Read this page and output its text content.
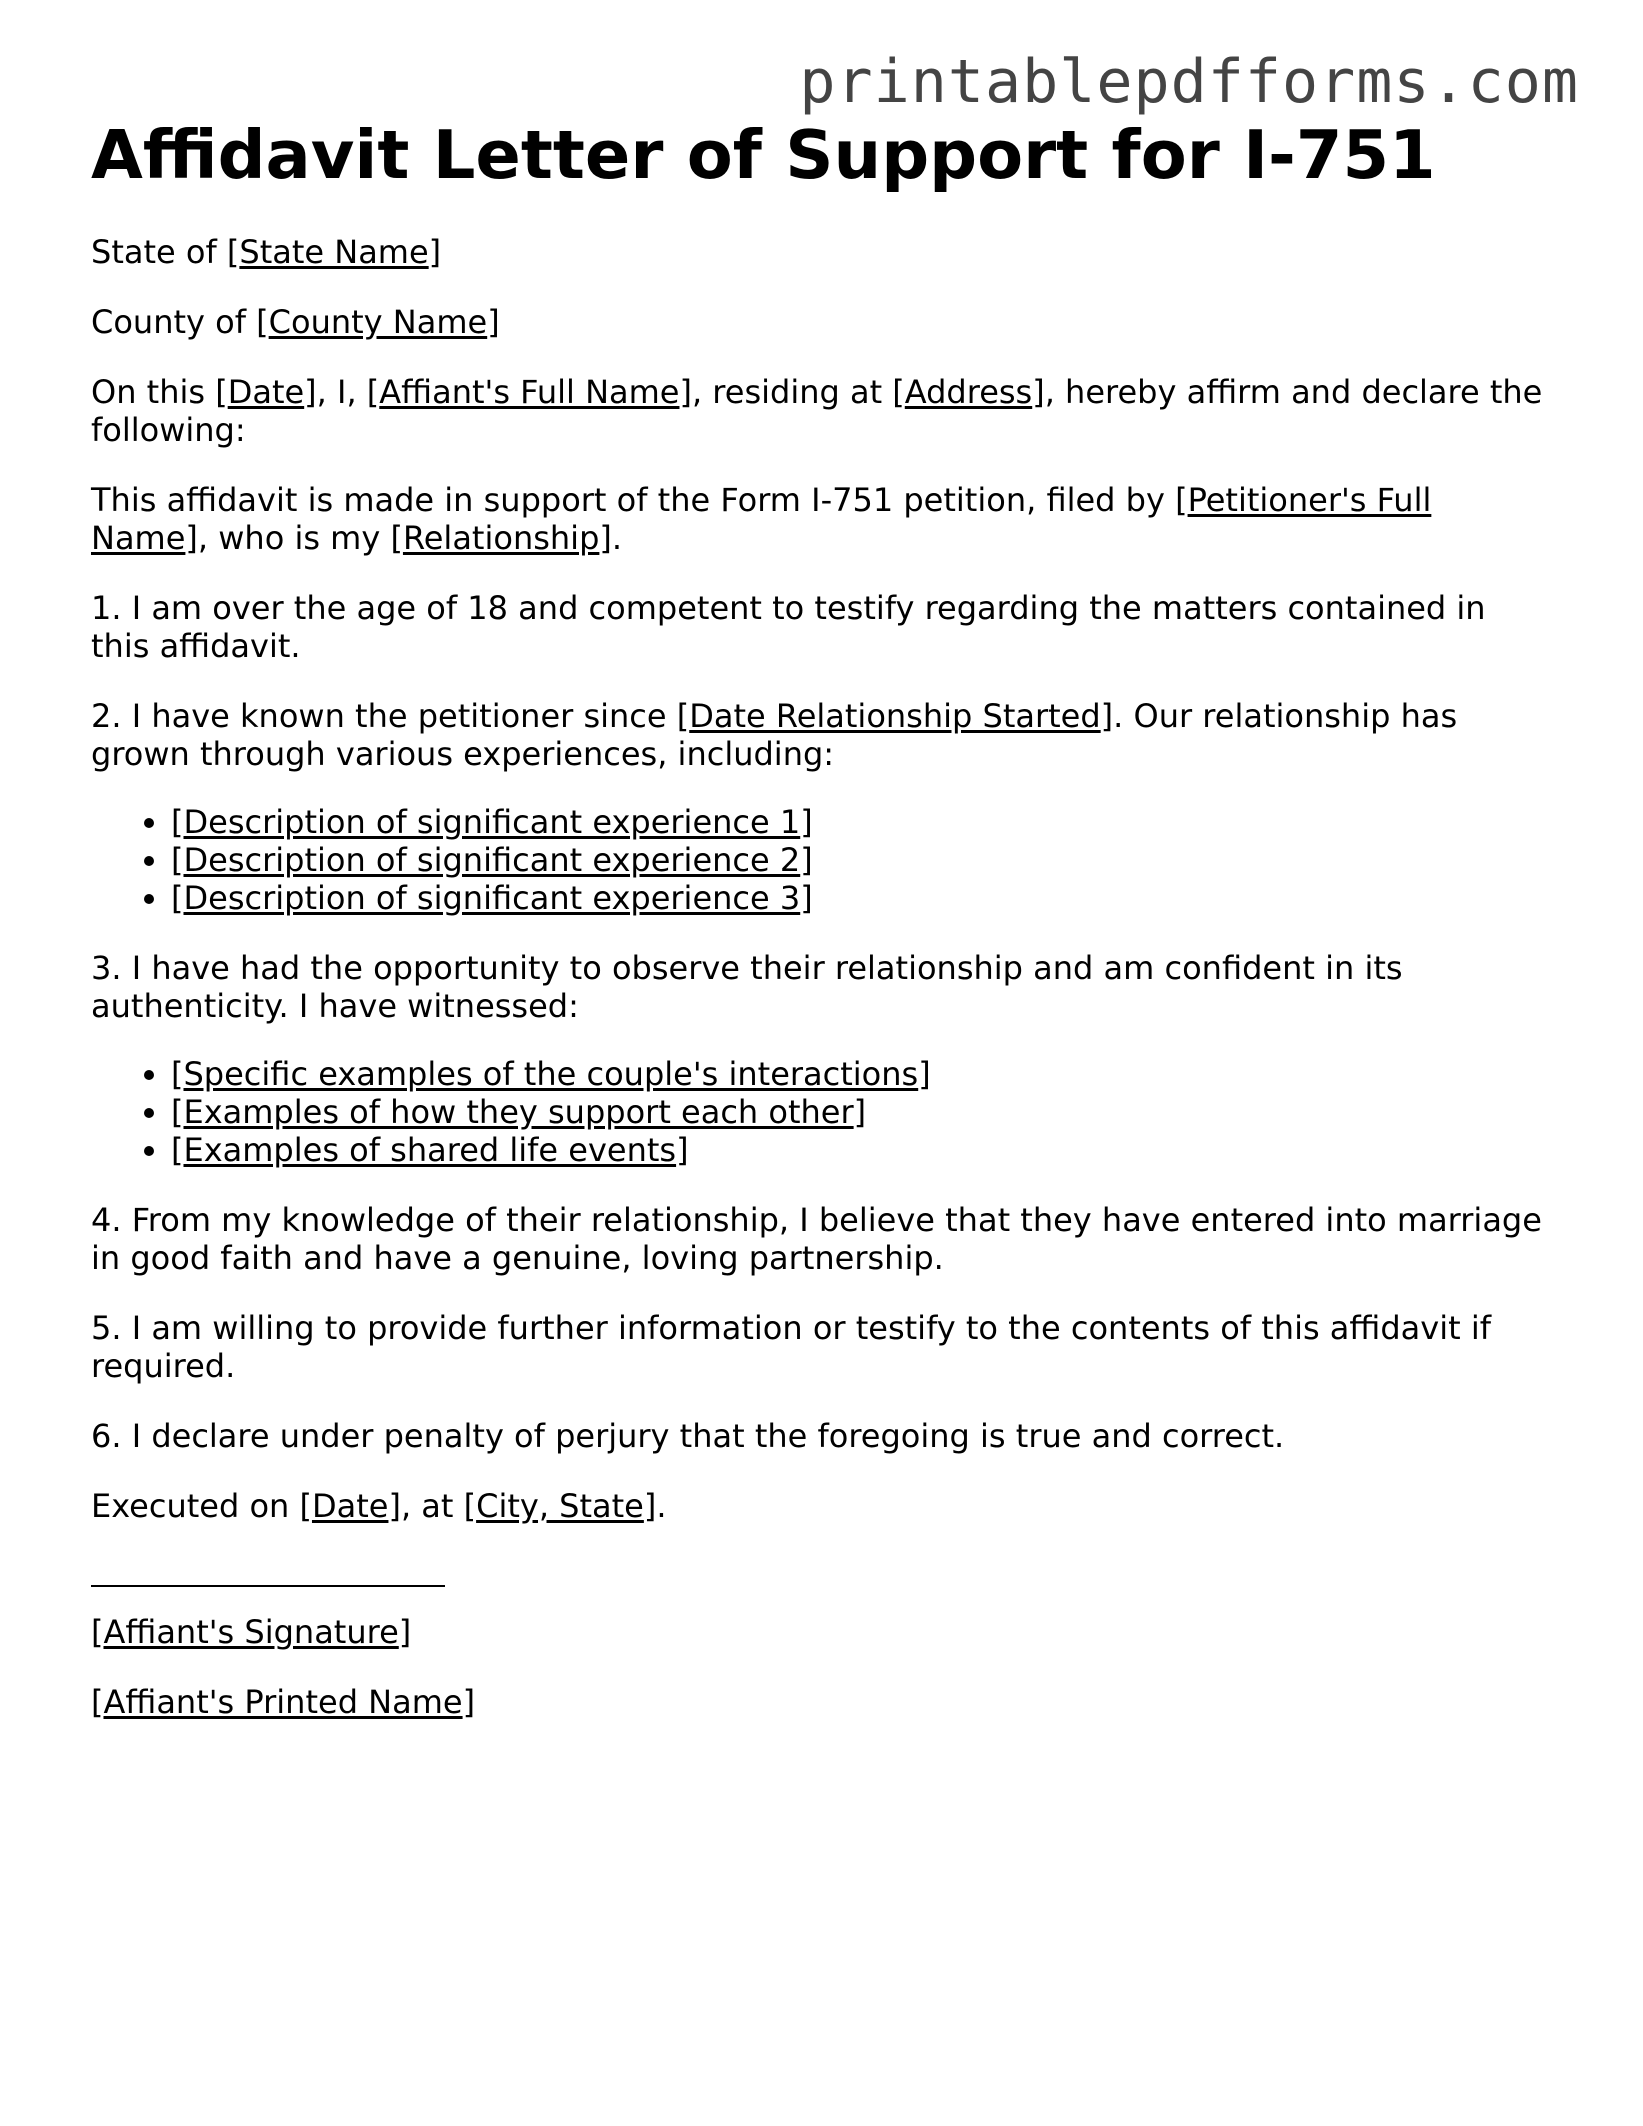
printablepdfforms.com
Affidavit Letter of Support for I-751

State of [State Name]

County of [County Name]

On this [Date], I, [Affiant's Full Name], residing at [Address], hereby affirm and declare the following:

This affidavit is made in support of the Form I-751 petition, filed by [Petitioner's Full Name], who is my [Relationship].

1. I am over the age of 18 and competent to testify regarding the matters contained in this affidavit.

2. I have known the petitioner since [Date Relationship Started]. Our relationship has grown through various experiences, including:

• [Description of significant experience 1]
• [Description of significant experience 2]
• [Description of significant experience 3]

3. I have had the opportunity to observe their relationship and am confident in its authenticity. I have witnessed:

• [Specific examples of the couple's interactions]
• [Examples of how they support each other]
• [Examples of shared life events]

4. From my knowledge of their relationship, I believe that they have entered into marriage in good faith and have a genuine, loving partnership.

5. I am willing to provide further information or testify to the contents of this affidavit if required.

6. I declare under penalty of perjury that the foregoing is true and correct.

Executed on [Date], at [City, State].

[Affiant's Signature]

[Affiant's Printed Name]
